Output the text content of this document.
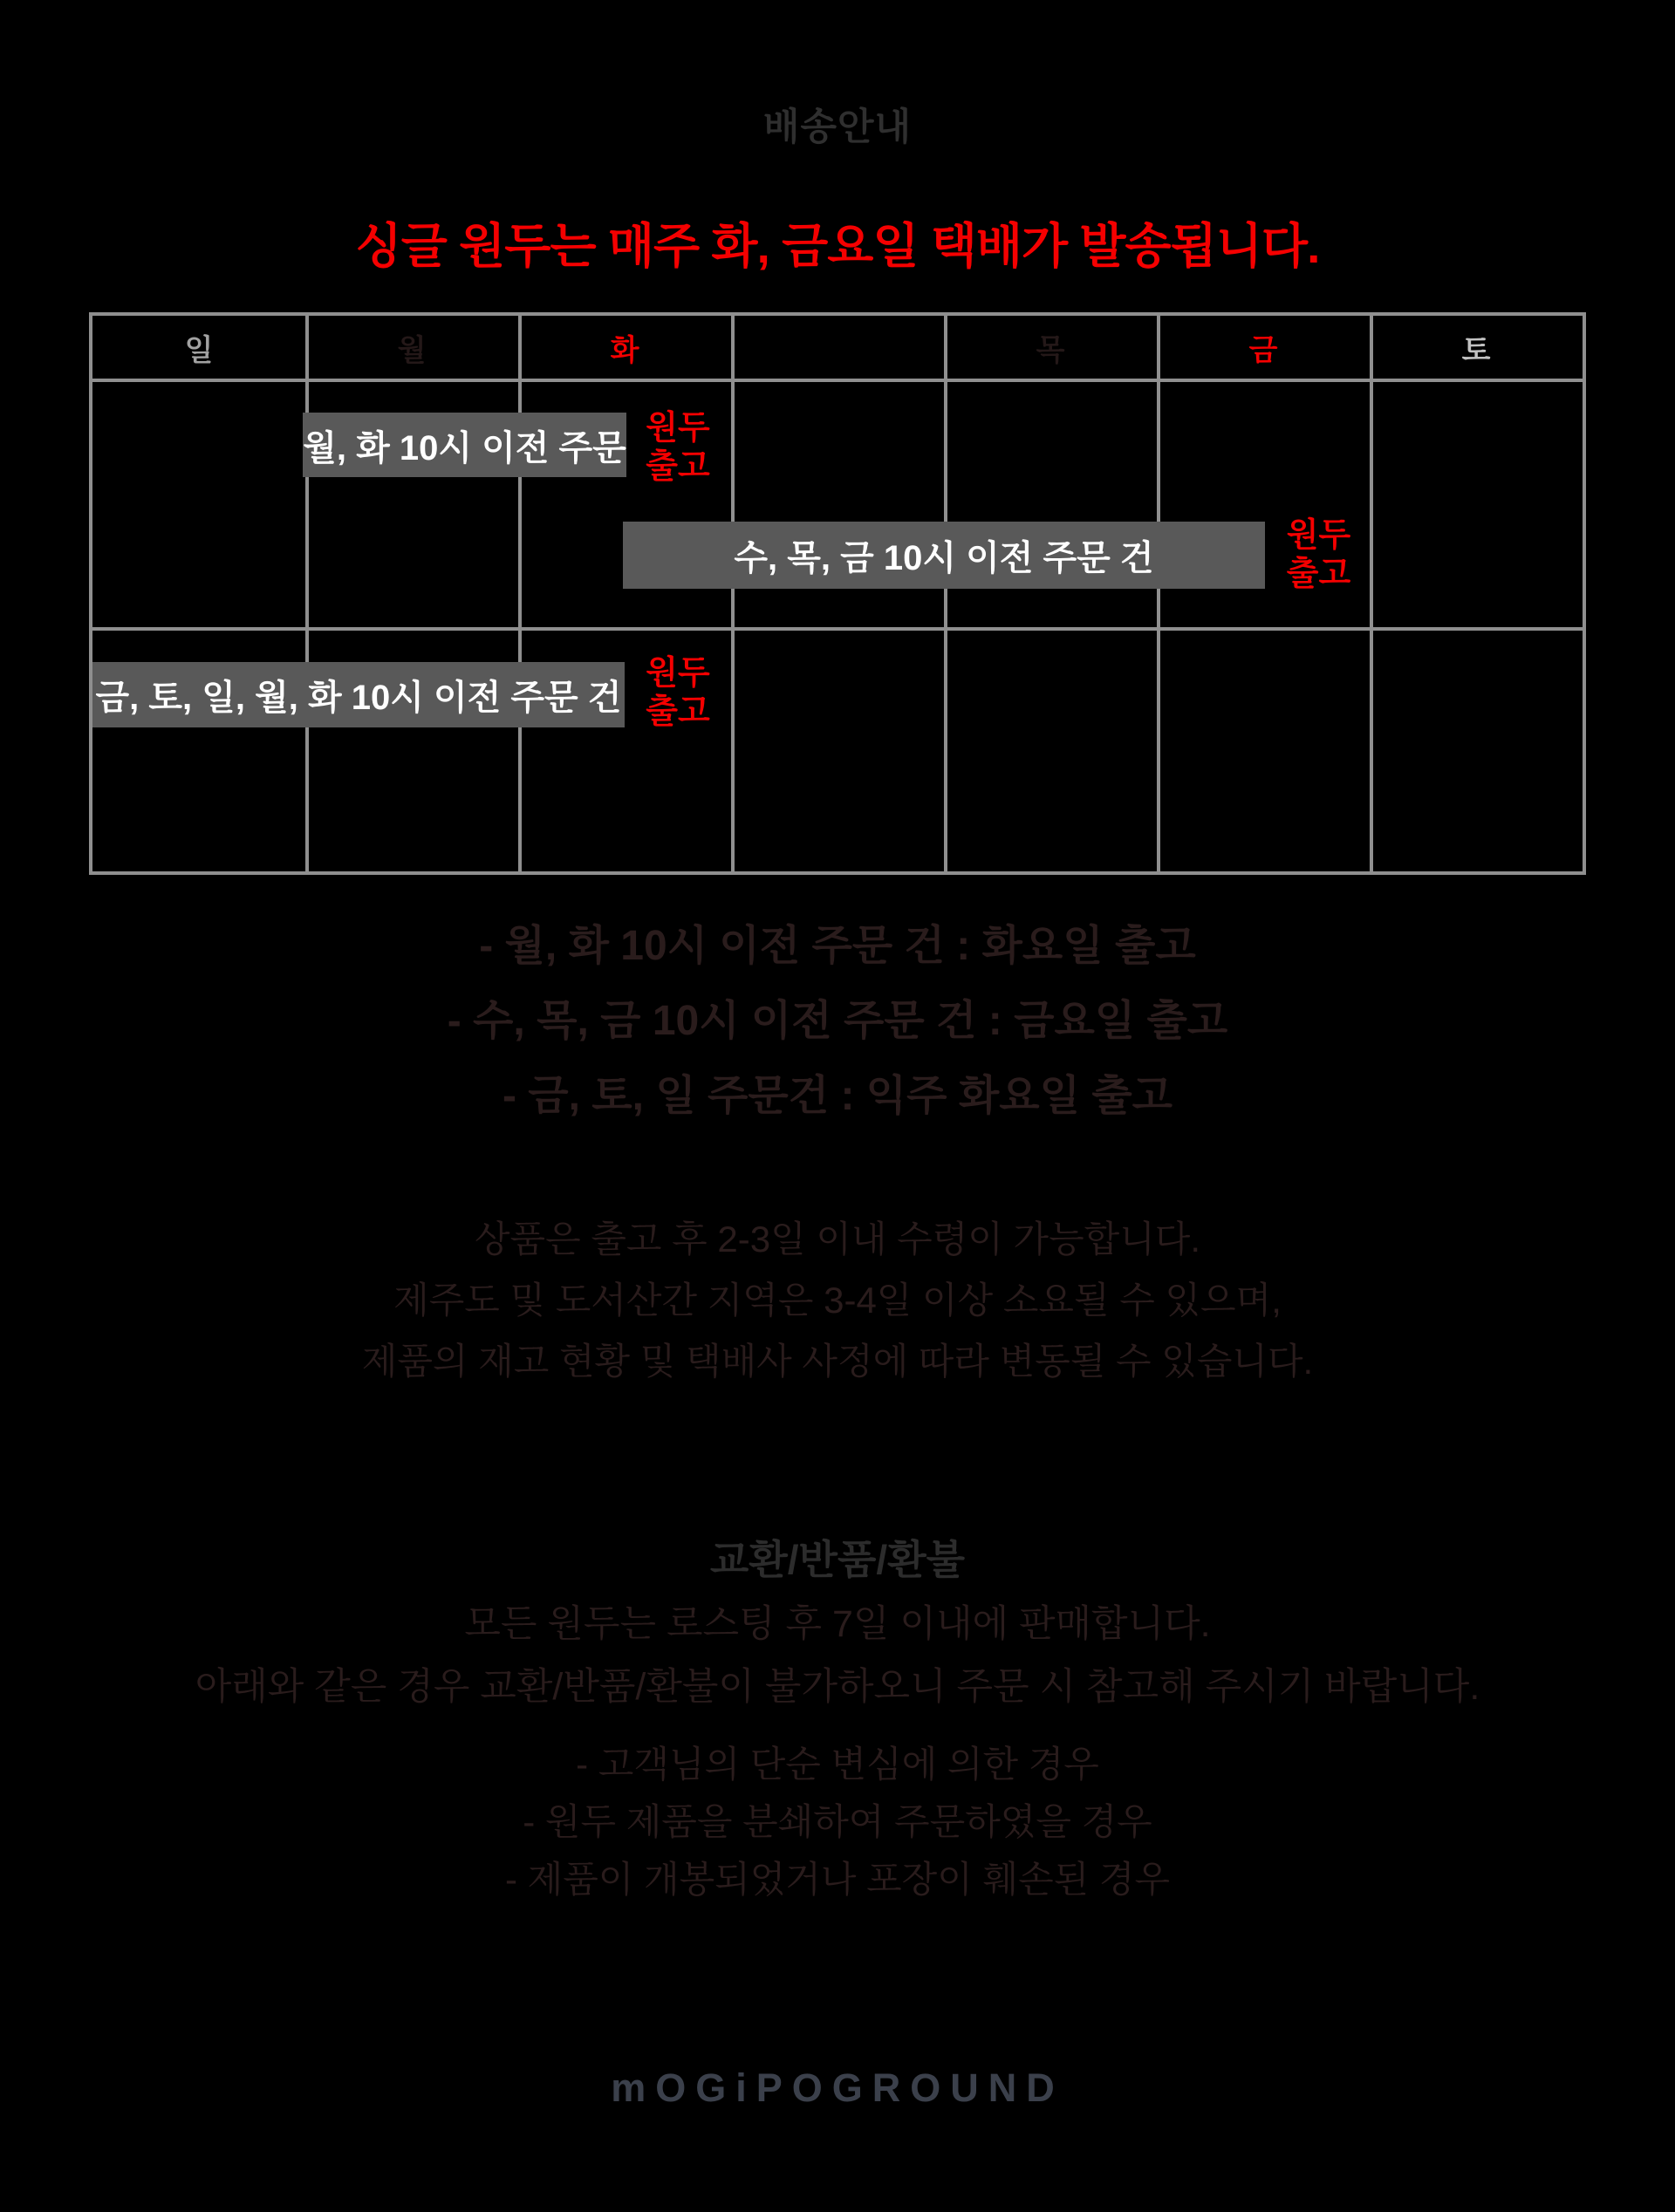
배송안내
싱글 원두는 매주 화, 금요일 택배가 발송됩니다.
일	월	화	수	목	금	토
월, 화 10시 이전 주문
원두
출고
수, 목, 금 10시 이전 주문 건
원두
출고
금, 토, 일, 월, 화 10시 이전 주문 건
원두
출고
- 월, 화 10시 이전 주문 건 : 화요일 출고
- 수, 목, 금 10시 이전 주문 건 : 금요일 출고
- 금, 토, 일 주문건 : 익주 화요일 출고
상품은 출고 후 2-3일 이내 수령이 가능합니다.
제주도 및 도서산간 지역은 3-4일 이상 소요될 수 있으며,
제품의 재고 현황 및 택배사 사정에 따라 변동될 수 있습니다.
교환/반품/환불
모든 원두는 로스팅 후 7일 이내에 판매합니다.
아래와 같은 경우 교환/반품/환불이 불가하오니 주문 시 참고해 주시기 바랍니다.
- 고객님의 단순 변심에 의한 경우
- 원두 제품을 분쇄하여 주문하였을 경우
- 제품이 개봉되었거나 포장이 훼손된 경우
mOGiPOGROUND
